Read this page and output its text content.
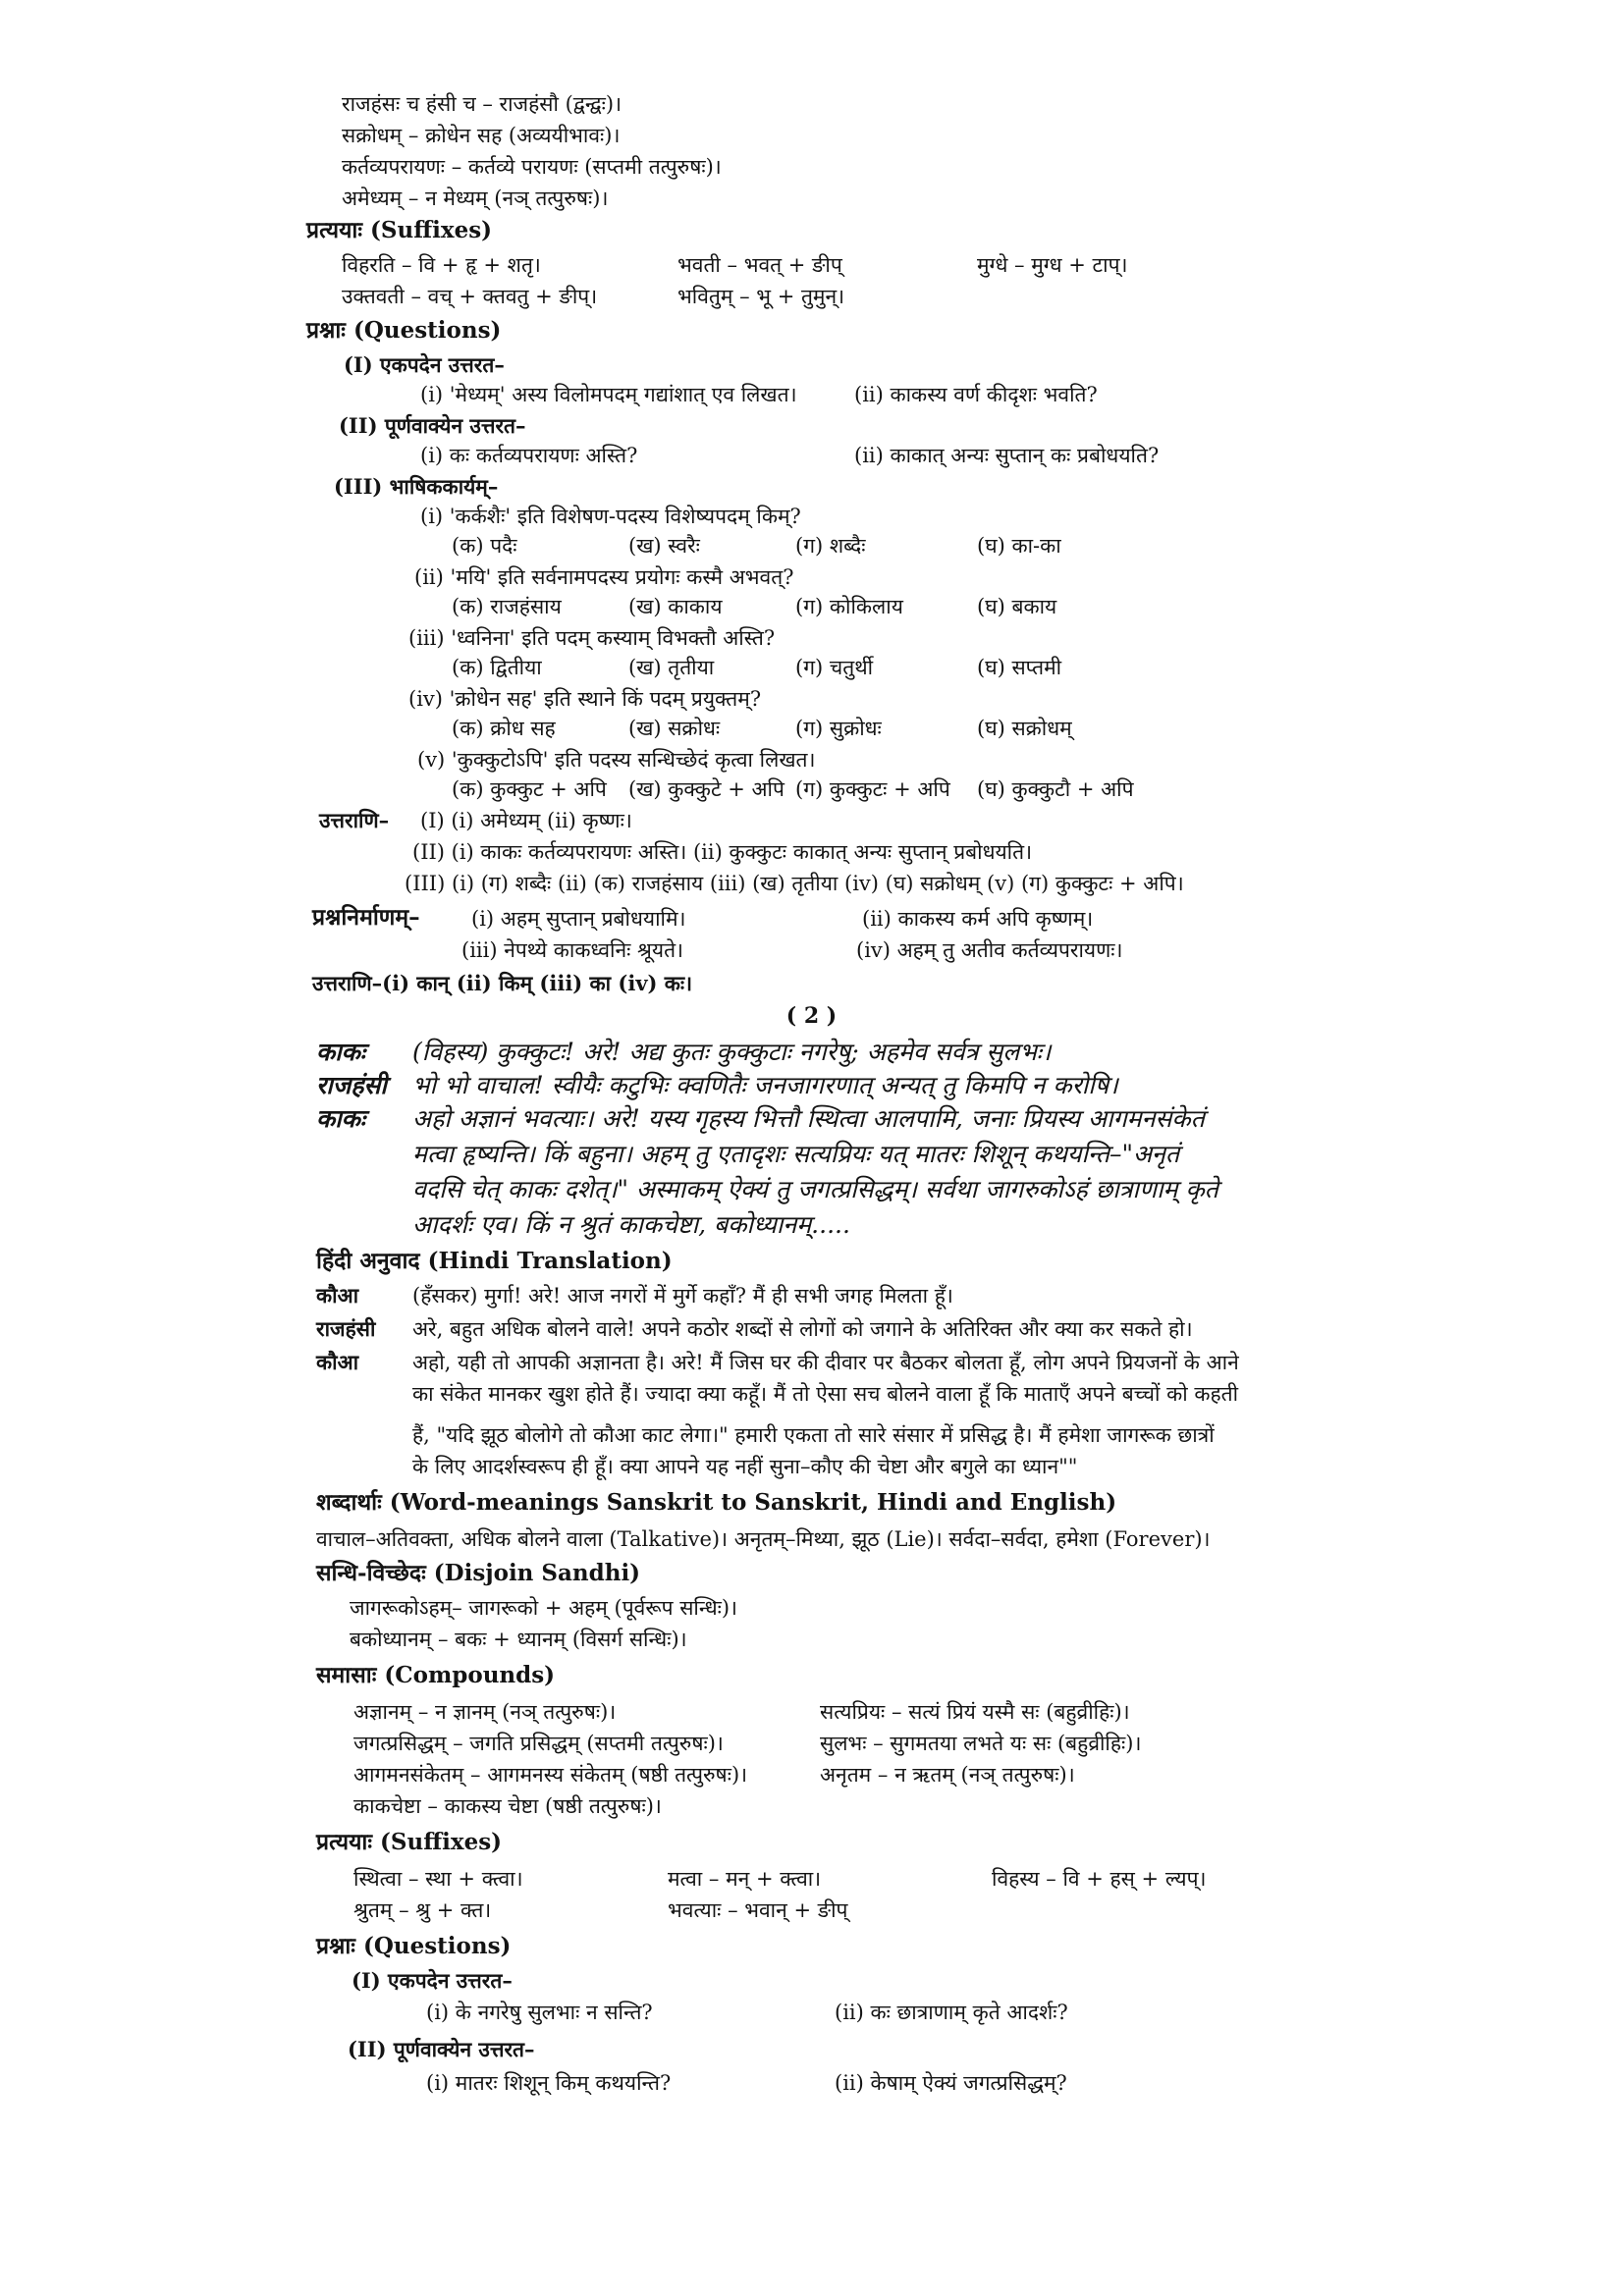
राजहंसः च हंसी च – राजहंसौ (द्वन्द्वः)।
सक्रोधम् – क्रोधेन सह (अव्ययीभावः)।
कर्तव्यपरायणः – कर्तव्ये परायणः (सप्तमी तत्पुरुषः)।
अमेध्यम् – न मेध्यम् (नञ् तत्पुरुषः)।
प्रत्ययाः (Suffixes)
विहरति – वि + हृ + शतृ।	भवती – भवत् + ङीप्	मुग्धे – मुग्ध + टाप्।
उक्तवती – वच् + क्तवतु + ङीप्।	भवितुम् – भू + तुमुन्।
प्रश्नाः (Questions)
(I) एकपदेन उत्तरत–
(i) 'मेध्यम्' अस्य विलोमपदम् गद्यांशात् एव लिखत।	(ii) काकस्य वर्ण कीदृशः भवति?
(II) पूर्णवाक्येन उत्तरत–
(i) कः कर्तव्यपरायणः अस्ति?	(ii) काकात् अन्यः सुप्तान् कः प्रबोधयति?
(III) भाषिककार्यम्–
(i) 'कर्कशैः' इति विशेषण-पदस्य विशेष्यपदम् किम्?
(क) पदैः	(ख) स्वरैः	(ग) शब्दैः	(घ) का-का
(ii) 'मयि' इति सर्वनामपदस्य प्रयोगः कस्मै अभवत्?
(क) राजहंसाय	(ख) काकाय	(ग) कोकिलाय	(घ) बकाय
(iii) 'ध्वनिना' इति पदम् कस्याम् विभक्तौ अस्ति?
(क) द्वितीया	(ख) तृतीया	(ग) चतुर्थी	(घ) सप्तमी
(iv) 'क्रोधेन सह' इति स्थाने किं पदम् प्रयुक्तम्?
(क) क्रोध सह	(ख) सक्रोधः	(ग) सुक्रोधः	(घ) सक्रोधम्
(v) 'कुक्कुटोऽपि' इति पदस्य सन्धिच्छेदं कृत्वा लिखत।
(क) कुक्कुट + अपि (ख) कुक्कुटे + अपि (ग) कुक्कुटः + अपि (घ) कुक्कुटौ + अपि
उत्तराणि– (I) (i) अमेध्यम् (ii) कृष्णः।
(II) (i) काकः कर्तव्यपरायणः अस्ति। (ii) कुक्कुटः काकात् अन्यः सुप्तान् प्रबोधयति।
(III) (i) (ग) शब्दैः (ii) (क) राजहंसाय (iii) (ख) तृतीया (iv) (घ) सक्रोधम् (v) (ग) कुक्कुटः + अपि।
प्रश्ननिर्माणम्– (i) अहम् सुप्तान् प्रबोधयामि।	(ii) काकस्य कर्म अपि कृष्णम्।
(iii) नेपथ्ये काकध्वनिः श्रूयते।	(iv) अहम् तु अतीव कर्तव्यपरायणः।
उत्तराणि–(i) कान् (ii) किम् (iii) का (iv) कः।
( 2 )
काकः (विहस्य) कुक्कुटः! अरे! अद्य कुतः कुक्कुटाः नगरेषु; अहमेव सर्वत्र सुलभः।
राजहंसी भो भो वाचाल! स्वीयैः कटुभिः क्वणितैः जनजागरणात् अन्यत् तु किमपि न करोषि।
काकः अहो अज्ञानं भवत्याः। अरे! यस्य गृहस्य भित्तौ स्थित्वा आलपामि, जनाः प्रियस्य आगमनसंकेतं
मत्वा हृष्यन्ति। किं बहुना। अहम् तु एतादृशः सत्यप्रियः यत् मातरः शिशून् कथयन्ति–"अनृतं
वदसि चेत् काकः दशेत्।" अस्माकम् ऐक्यं तु जगत्प्रसिद्धम्। सर्वथा जागरुकोऽहं छात्राणाम् कृते
आदर्शः एव। किं न श्रुतं काकचेष्टा, बकोध्यानम्.....
हिंदी अनुवाद (Hindi Translation)
कौआ	(हँसकर) मुर्गा! अरे! आज नगरों में मुर्गे कहाँ? मैं ही सभी जगह मिलता हूँ।
राजहंसी अरे, बहुत अधिक बोलने वाले! अपने कठोर शब्दों से लोगों को जगाने के अतिरिक्त और क्या कर सकते हो।
कौआ	अहो, यही तो आपकी अज्ञानता है। अरे! मैं जिस घर की दीवार पर बैठकर बोलता हूँ, लोग अपने प्रियजनों के आने
का संकेत मानकर खुश होते हैं। ज्यादा क्या कहूँ। मैं तो ऐसा सच बोलने वाला हूँ कि माताएँ अपने बच्चों को कहती
हैं, "यदि झूठ बोलोगे तो कौआ काट लेगा।" हमारी एकता तो सारे संसार में प्रसिद्ध है। मैं हमेशा जागरूक छात्रों
के लिए आदर्शस्वरूप ही हूँ। क्या आपने यह नहीं सुना–कौए की चेष्टा और बगुले का ध्यान""
शब्दार्थाः (Word-meanings Sanskrit to Sanskrit, Hindi and English)
वाचाल–अतिवक्ता, अधिक बोलने वाला (Talkative)। अनृतम्–मिथ्या, झूठ (Lie)। सर्वदा–सर्वदा, हमेशा (Forever)।
सन्धि-विच्छेदः (Disjoin Sandhi)
जागरूकोऽहम्– जागरूको + अहम् (पूर्वरूप सन्धिः)।
बकोध्यानम् – बकः + ध्यानम् (विसर्ग सन्धिः)।
समासाः (Compounds)
अज्ञानम् – न ज्ञानम् (नञ् तत्पुरुषः)।	सत्यप्रियः – सत्यं प्रियं यस्मै सः (बहुव्रीहिः)।
जगत्प्रसिद्धम् – जगति प्रसिद्धम् (सप्तमी तत्पुरुषः)।	सुलभः – सुगमतया लभते यः सः (बहुव्रीहिः)।
आगमनसंकेतम् – आगमनस्य संकेतम् (षष्ठी तत्पुरुषः)।	अनृतम – न ऋतम् (नञ् तत्पुरुषः)।
काकचेष्टा – काकस्य चेष्टा (षष्ठी तत्पुरुषः)।
प्रत्ययाः (Suffixes)
स्थित्वा – स्था + क्त्वा।	मत्वा – मन् + क्त्वा।	विहस्य – वि + हस् + ल्यप्।
श्रुतम् – श्रु + क्त।	भवत्याः – भवान् + ङीप्
प्रश्नाः (Questions)
(I) एकपदेन उत्तरत–
(i) के नगरेषु सुलभाः न सन्ति?	(ii) कः छात्राणाम् कृते आदर्शः?
(II) पूर्णवाक्येन उत्तरत–
(i) मातरः शिशून् किम् कथयन्ति?	(ii) केषाम् ऐक्यं जगत्प्रसिद्धम्?
